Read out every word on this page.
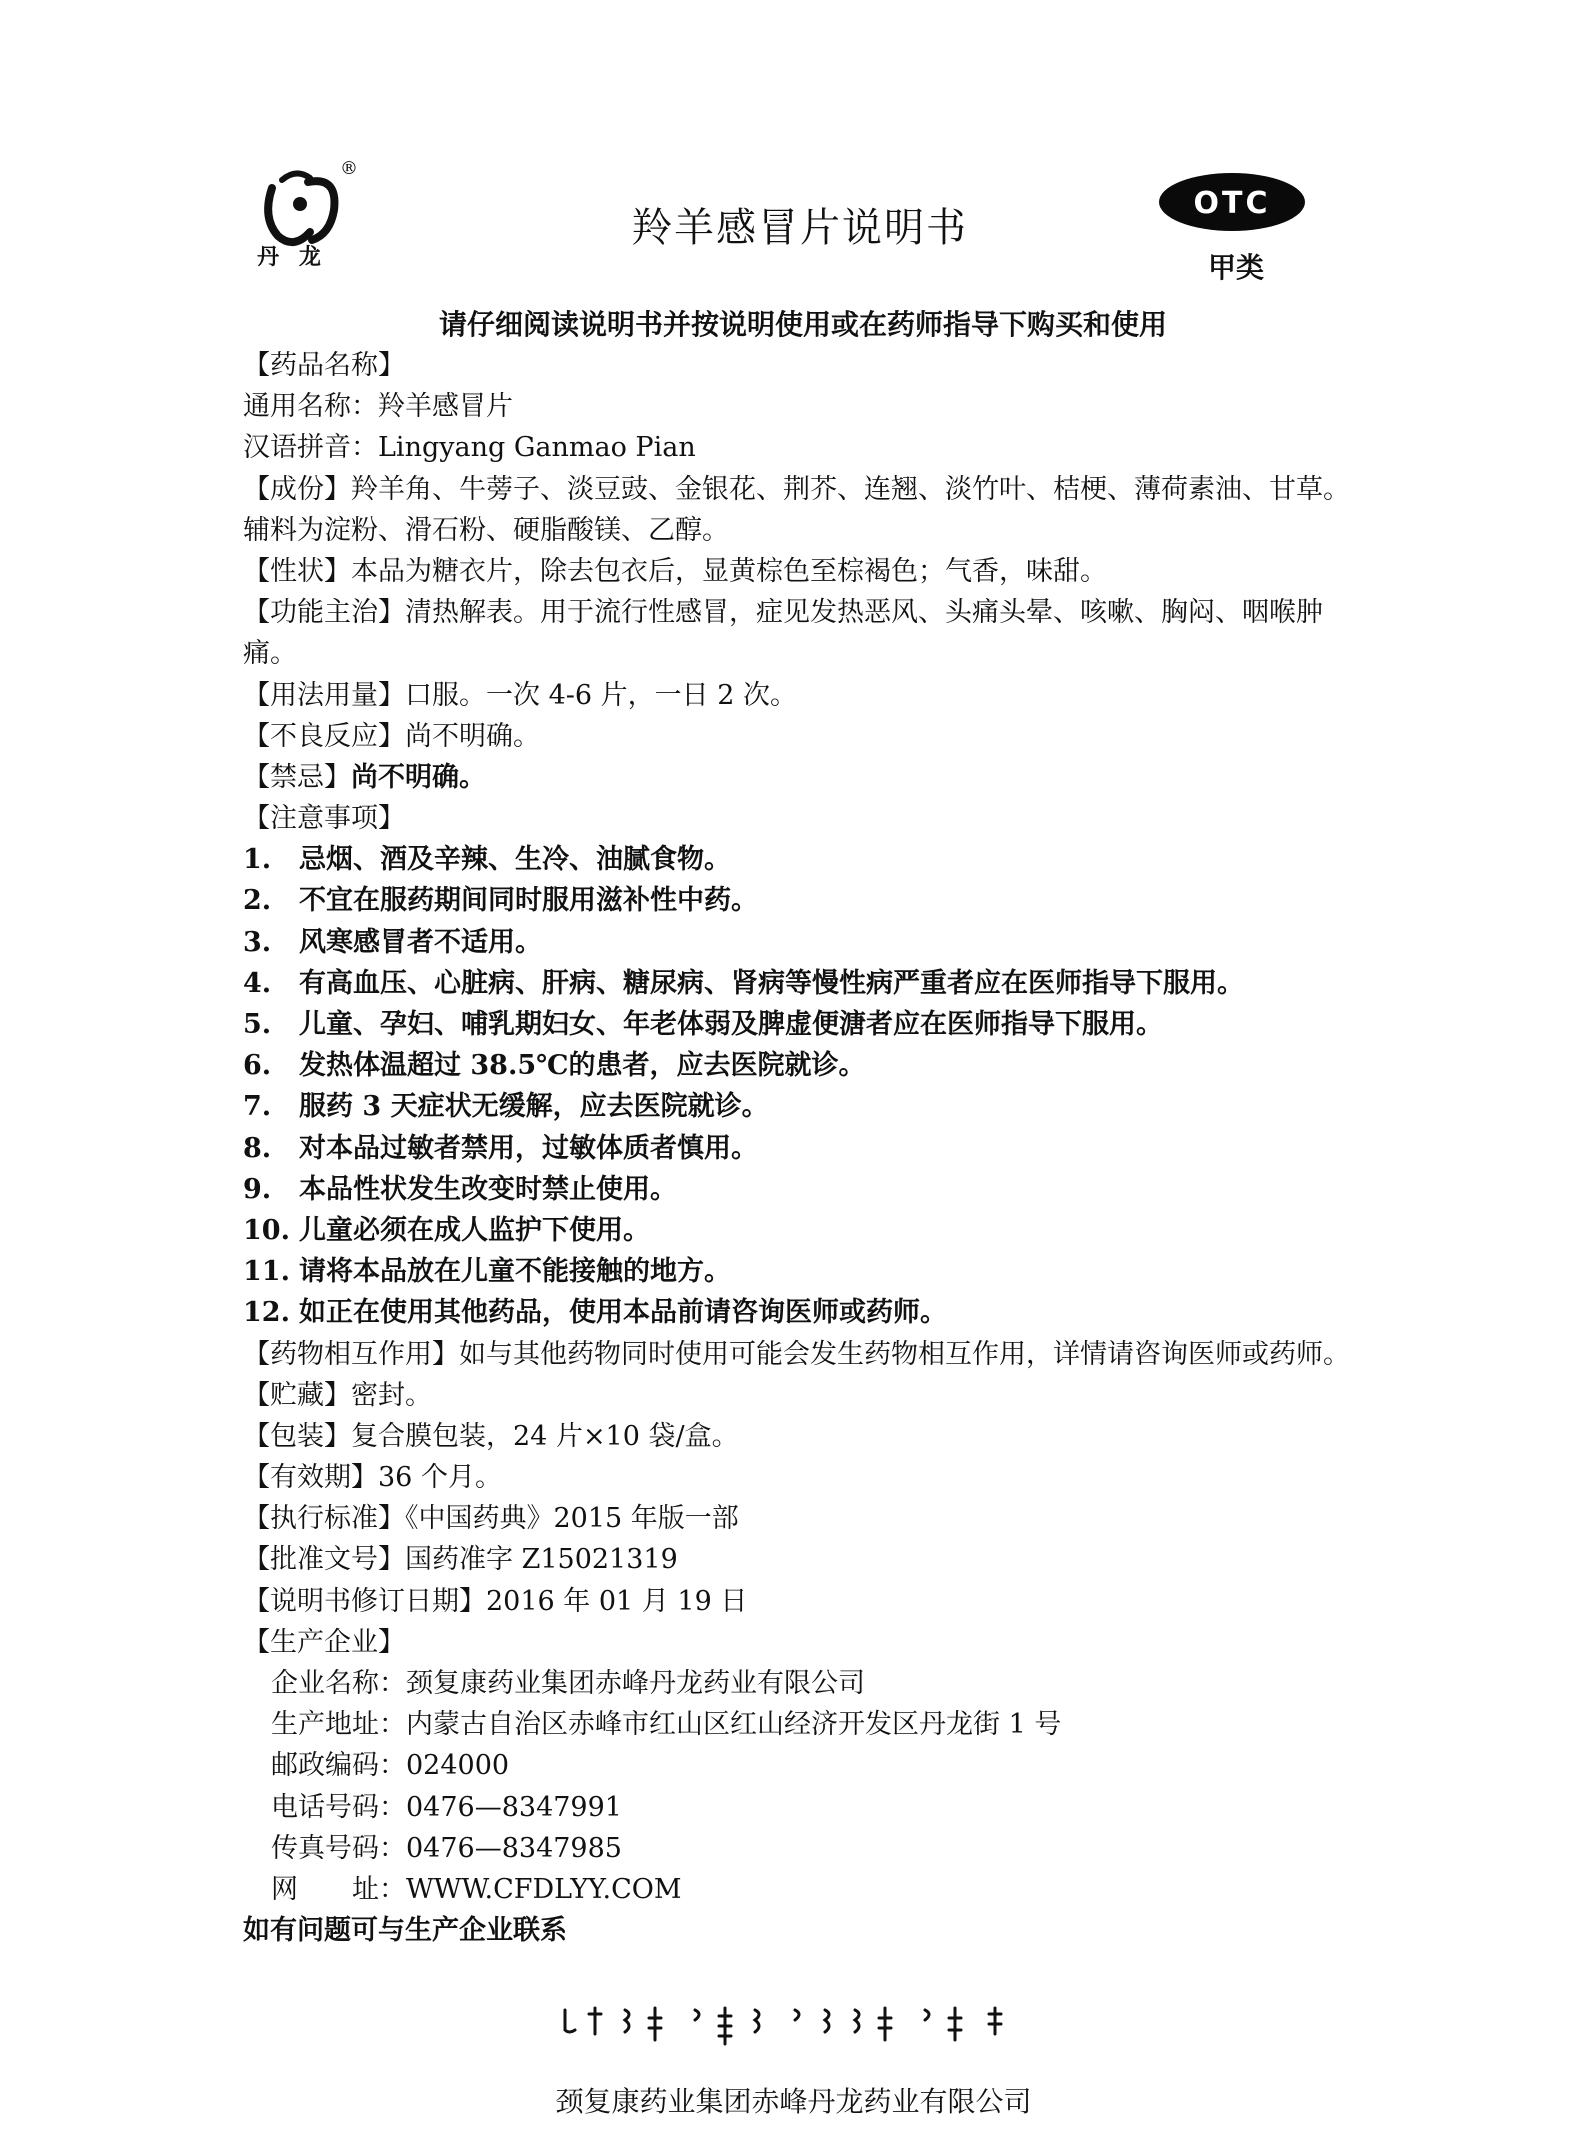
®
丹 龙
羚羊感冒片说明书
OTC
甲类
请仔细阅读说明书并按说明使用或在药师指导下购买和使用
【药品名称】
通用名称：羚羊感冒片
汉语拼音：Lingyang Ganmao Pian
【成份】羚羊角、牛蒡子、淡豆豉、金银花、荆芥、连翘、淡竹叶、桔梗、薄荷素油、甘草。
辅料为淀粉、滑石粉、硬脂酸镁、乙醇。
【性状】本品为糖衣片，除去包衣后，显黄棕色至棕褐色；气香，味甜。
【功能主治】清热解表。用于流行性感冒，症见发热恶风、头痛头晕、咳嗽、胸闷、咽喉肿
痛。
【用法用量】口服。一次 4-6 片，一日 2 次。
【不良反应】尚不明确。
【禁忌】尚不明确。
【注意事项】
1. 忌烟、酒及辛辣、生冷、油腻食物。
2. 不宜在服药期间同时服用滋补性中药。
3. 风寒感冒者不适用。
4. 有高血压、心脏病、肝病、糖尿病、肾病等慢性病严重者应在医师指导下服用。
5. 儿童、孕妇、哺乳期妇女、年老体弱及脾虚便溏者应在医师指导下服用。
6. 发热体温超过 38.5℃的患者，应去医院就诊。
7. 服药 3 天症状无缓解，应去医院就诊。
8. 对本品过敏者禁用，过敏体质者慎用。
9. 本品性状发生改变时禁止使用。
10. 儿童必须在成人监护下使用。
11. 请将本品放在儿童不能接触的地方。
12. 如正在使用其他药品，使用本品前请咨询医师或药师。
【药物相互作用】如与其他药物同时使用可能会发生药物相互作用，详情请咨询医师或药师。
【贮藏】密封。
【包装】复合膜包装，24 片×10 袋/盒。
【有效期】36 个月。
【执行标准】《中国药典》2015 年版一部
【批准文号】国药准字 Z15021319
【说明书修订日期】2016 年 01 月 19 日
【生产企业】
企业名称：颈复康药业集团赤峰丹龙药业有限公司
生产地址：内蒙古自治区赤峰市红山区红山经济开发区丹龙街 1 号
邮政编码：024000
电话号码：0476—8347991
传真号码：0476—8347985
网　　址：WWW.CFDLYY.COM
如有问题可与生产企业联系
颈复康药业集团赤峰丹龙药业有限公司
